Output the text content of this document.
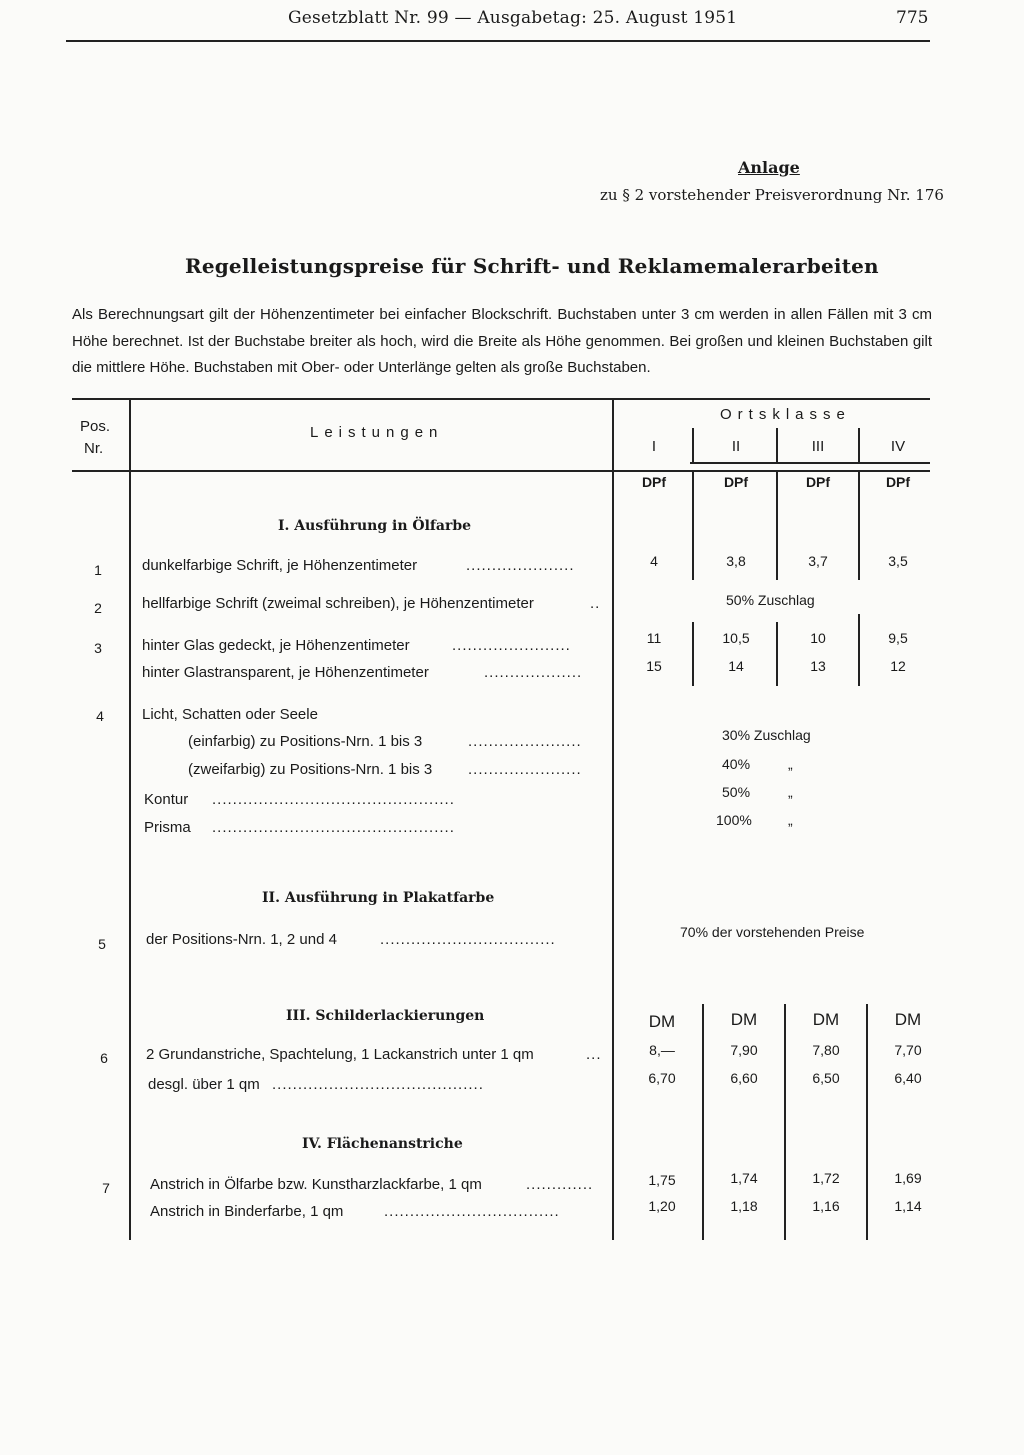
Gesetzblatt Nr. 99 — Ausgabetag: 25. August 1951	775
Anlage
zu § 2 vorstehender Preisverordnung Nr. 176
Regelleistungspreise für Schrift- und Reklamemalerarbeiten
Als Berechnungsart gilt der Höhenzentimeter bei einfacher Blockschrift. Buchstaben unter 3 cm werden in allen Fällen mit 3 cm Höhe berechnet. Ist der Buchstabe breiter als hoch, wird die Breite als Höhe genommen. Bei großen und kleinen Buchstaben gilt die mittlere Höhe. Buchstaben mit Ober- oder Unterlänge gelten als große Buchstaben.
Pos.
Nr.
Leistungen
Ortsklasse
I	II	III	IV
DPf	DPf	DPf	DPf
I. Ausführung in Ölfarbe
1	dunkelfarbige Schrift, je Höhenzentimeter	.....................	4	3,8	3,7	3,5
2	hellfarbige Schrift (zweimal schreiben), je Höhenzentimeter	..	50% Zuschlag
3	hinter Glas gedeckt, je Höhenzentimeter	.......................	11	10,5	10	9,5
hinter Glastransparent, je Höhenzentimeter	...................	15	14	13	12
4	Licht, Schatten oder Seele
(einfarbig) zu Positions-Nrn. 1 bis 3	......................	30% Zuschlag
(zweifarbig) zu Positions-Nrn. 1 bis 3 ......................	40%	„
Kontur ...............................................	50%	„
Prisma ...............................................	100%	„
II. Ausführung in Plakatfarbe
5	der Positions-Nrn. 1, 2 und 4	..................................	70% der vorstehenden Preise
III. Schilderlackierungen	DM	DM	DM	DM
6	2 Grundanstriche, Spachtelung, 1 Lackanstrich unter 1 qm	...	8,—	7,90	7,80	7,70
desgl. über 1 qm .........................................	6,70	6,60	6,50	6,40
IV. Flächenanstriche
7	Anstrich in Ölfarbe bzw. Kunstharzlackfarbe, 1 qm	.............	1,75	1,74	1,72	1,69
Anstrich in Binderfarbe, 1 qm	..................................	1,20	1,18	1,16	1,14
